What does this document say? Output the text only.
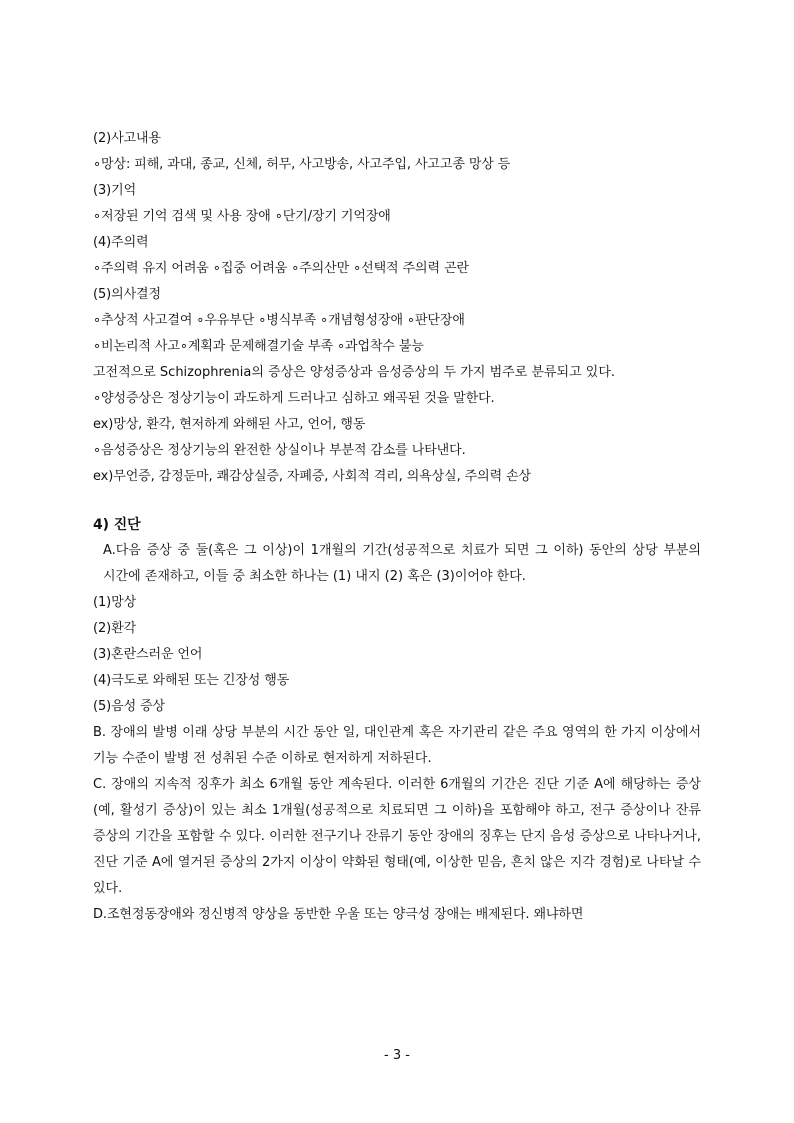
(2)사고내용
∘망상: 피해, 과대, 종교, 신체, 허무, 사고방송, 사고주입, 사고고종 망상 등
(3)기억
∘저장된 기억 검색 및 사용 장애 ∘단기/장기 기억장애
(4)주의력
∘주의력 유지 어려움 ∘집중 어려움 ∘주의산만 ∘선택적 주의력 곤란
(5)의사결정
∘추상적 사고결여 ∘우유부단 ∘병식부족 ∘개념형성장애 ∘판단장애
∘비논리적 사고∘계획과 문제해결기술 부족 ∘과업착수 불능
고전적으로 Schizophrenia의 증상은 양성증상과 음성증상의 두 가지 범주로 분류되고 있다.
∘양성증상은 정상기능이 과도하게 드러나고 심하고 왜곡된 것을 말한다.
ex)망상, 환각, 현저하게 와해된 사고, 언어, 행동
∘음성증상은 정상기능의 완전한 상실이나 부분적 감소를 나타낸다.
ex)무언증, 감정둔마, 쾌감상실증, 자폐증, 사회적 격리, 의욕상실, 주의력 손상
4) 진단
A.다음 증상 중 둘(혹은 그 이상)이 1개월의 기간(성공적으로 치료가 되면 그 이하) 동안의 상당 부분의 시간에 존재하고, 이들 중 최소한 하나는 (1) 내지 (2) 혹은 (3)이어야 한다.
(1)망상
(2)환각
(3)혼란스러운 언어
(4)극도로 와해된 또는 긴장성 행동
(5)음성 증상
B. 장애의 발병 이래 상당 부분의 시간 동안 일, 대인관계 혹은 자기관리 같은 주요 영역의 한 가지 이상에서 기능 수준이 발병 전 성취된 수준 이하로 현저하게 저하된다.
C. 장애의 지속적 징후가 최소 6개월 동안 계속된다. 이러한 6개월의 기간은 진단 기준 A에 해당하는 증상(예, 활성기 증상)이 있는 최소 1개월(성공적으로 치료되면 그 이하)을 포함해야 하고, 전구 증상이나 잔류 증상의 기간을 포함할 수 있다. 이러한 전구기나 잔류기 동안 장애의 징후는 단지 음성 증상으로 나타나거나, 진단 기준 A에 열거된 증상의 2가지 이상이 약화된 형태(예, 이상한 믿음, 흔치 않은 지각 경험)로 나타날 수 있다.
D.조현정동장애와 정신병적 양상을 동반한 우울 또는 양극성 장애는 배제된다. 왜냐하면
- 3 -
